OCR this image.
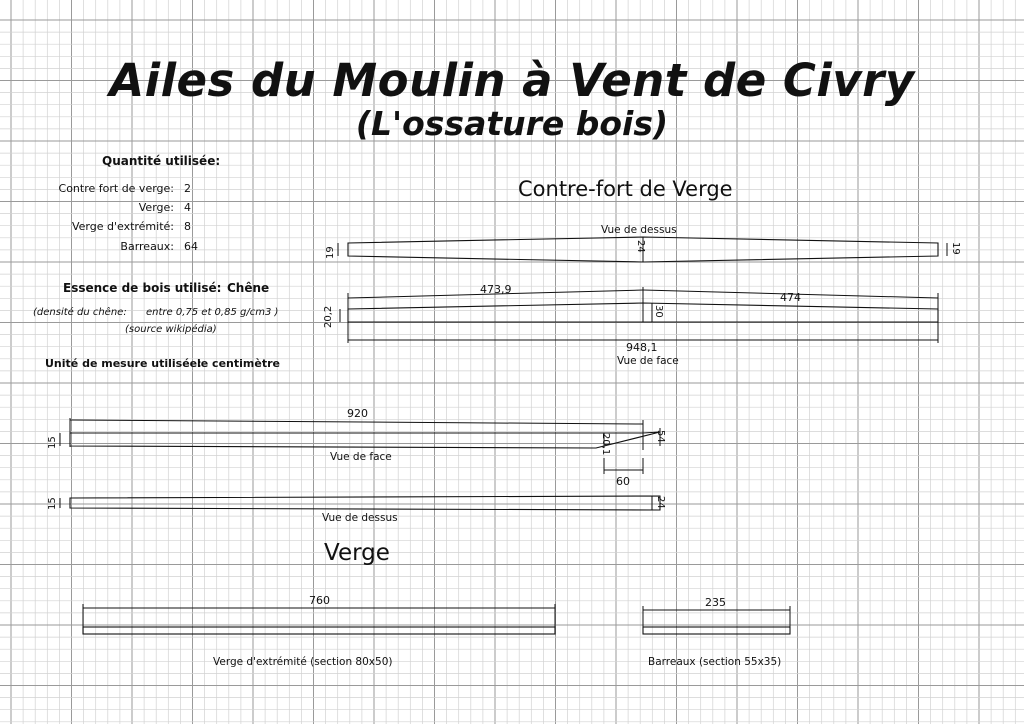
Ailes du Moulin à Vent de Civry
(L'ossature bois)
Quantité utilisée:
Contre fort de verge: 2
Verge: 4
Verge d'extrémité: 8
Barreaux: 64
Essence de bois utilisé: Chêne
(densité du chêne: entre 0,75 et 0,85 g/cm3 )
(source wikipédia)
Unité de mesure utilisée:
le centimètre
Contre-fort de Verge
Vue de dessus
19	24	19
473,9
474
20,2	30
948,1
Vue de face
920
15	20,1	54
Vue de face
60
15	24
Vue de dessus
Verge
760
Verge d'extrémité (section 80x50)
235
Barreaux (section 55x35)
